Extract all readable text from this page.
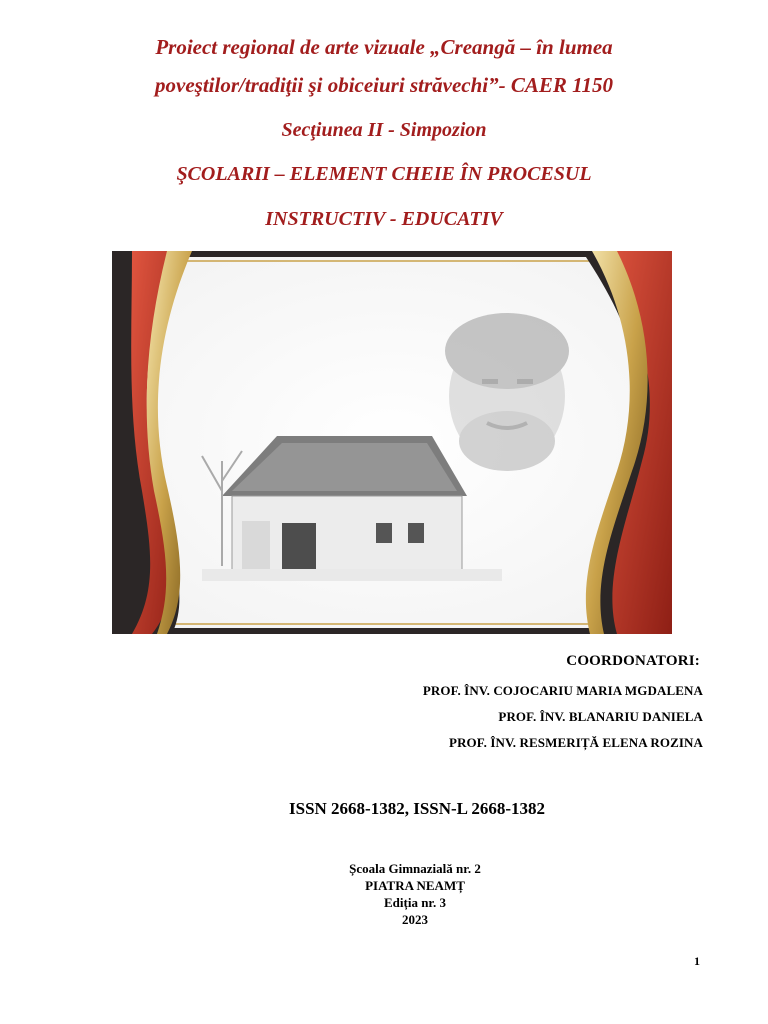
Proiect regional de arte vizuale „Creangă – în lumea
poveştilor/tradiţii şi obiceiuri străvechi”- CAER 1150
Secţiunea II - Simpozion
ŞCOLARII – ELEMENT CHEIE ÎN PROCESUL
INSTRUCTIV - EDUCATIV
COORDONATORI:
PROF. ÎNV. COJOCARIU MARIA MGDALENA
PROF. ÎNV. BLANARIU DANIELA
PROF. ÎNV. RESMERIȚĂ ELENA ROZINA
ISSN 2668-1382, ISSN-L 2668-1382
Școala Gimnazială nr. 2
PIATRA NEAMȚ
Ediția nr. 3
2023
1
